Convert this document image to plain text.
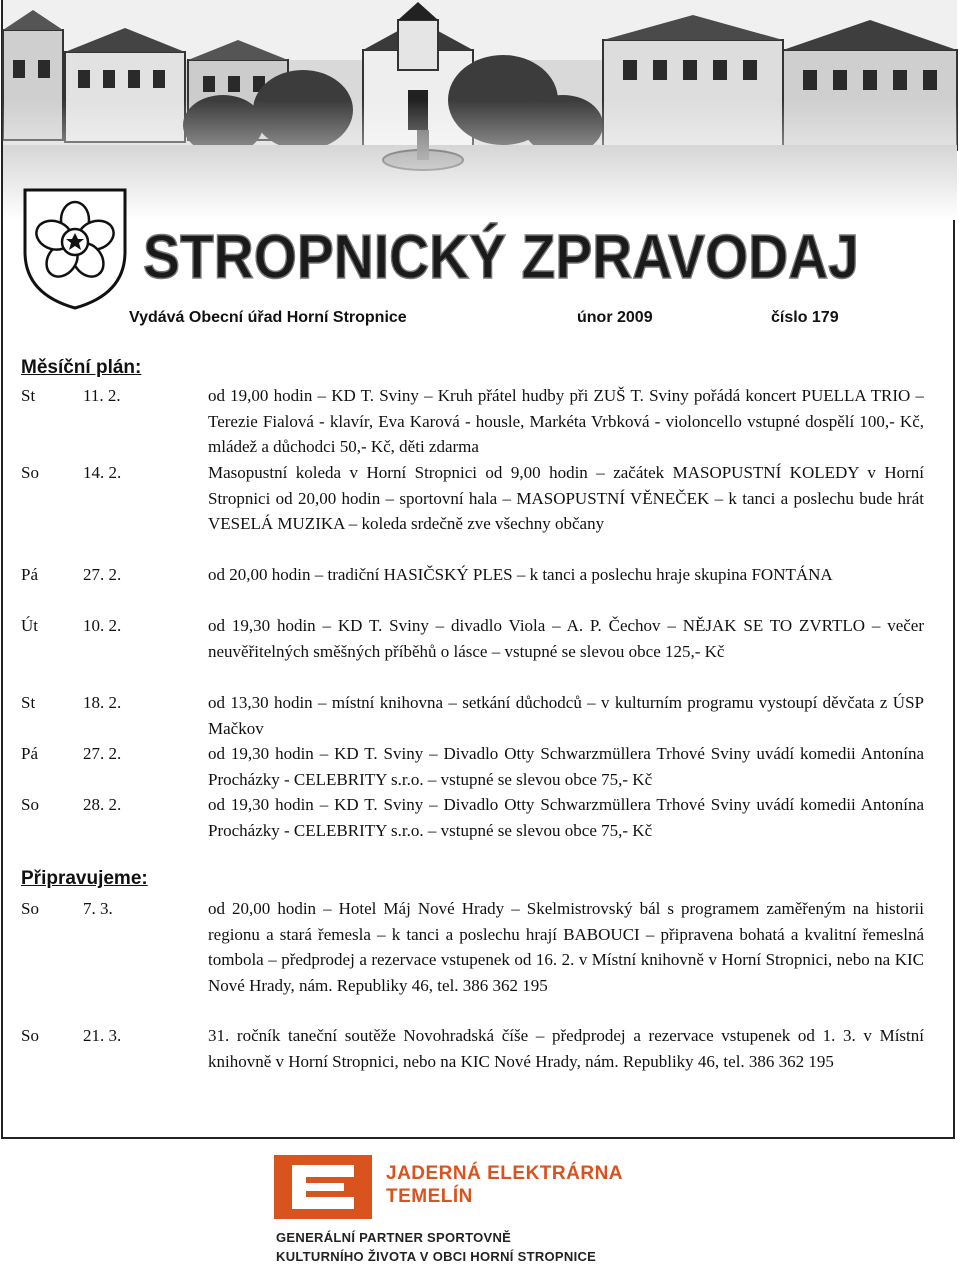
STROPNICKÝ ZPRAVODAJ
Vydává Obecní úřad Horní Stropnice	únor 2009	číslo 179
Měsíční plán:
St	11. 2.	od 19,00 hodin – KD T. Sviny – Kruh přátel hudby při ZUŠ T. Sviny pořádá koncert PUELLA TRIO – Terezie Fialová - klavír, Eva Karová - housle, Markéta Vrbková - violoncello vstupné dospělí 100,- Kč, mládež a důchodci 50,- Kč, děti zdarma
So	14. 2.	Masopustní koleda v Horní Stropnici od 9,00 hodin – začátek MASOPUSTNÍ KOLEDY v Horní Stropnici od 20,00 hodin – sportovní hala – MASOPUSTNÍ VĚNEČEK – k tanci a poslechu bude hrát VESELÁ MUZIKA – koleda srdečně zve všechny občany
Pá	27. 2.	od 20,00 hodin – tradiční HASIČSKÝ PLES – k tanci a poslechu hraje skupina FONTÁNA
Út	10. 2.	od 19,30 hodin – KD T. Sviny – divadlo Viola – A. P. Čechov – NĚJAK SE TO ZVRTLO – večer neuvěřitelných směšných příběhů o lásce – vstupné se slevou obce 125,- Kč
St	18. 2.	od 13,30 hodin – místní knihovna – setkání důchodců – v kulturním programu vystoupí děvčata z ÚSP Mačkov
Pá	27. 2.	od 19,30 hodin – KD T. Sviny – Divadlo Otty Schwarzmüllera Trhové Sviny uvádí komedii Antonína Procházky - CELEBRITY s.r.o. – vstupné se slevou obce 75,- Kč
So	28. 2.	od 19,30 hodin – KD T. Sviny – Divadlo Otty Schwarzmüllera Trhové Sviny uvádí komedii Antonína Procházky - CELEBRITY s.r.o. – vstupné se slevou obce 75,- Kč
Připravujeme:
So	7. 3.	od 20,00 hodin – Hotel Máj Nové Hrady – Skelmistrovský bál s programem zaměřeným na historii regionu a stará řemesla – k tanci a poslechu hrají BABOUCI – připravena bohatá a kvalitní řemeslná tombola – předprodej a rezervace vstupenek od 16. 2. v Místní knihovně v Horní Stropnici, nebo na KIC Nové Hrady, nám. Republiky 46, tel. 386 362 195
So	21. 3.	31. ročník taneční soutěže Novohradská číše – předprodej a rezervace vstupenek od 1. 3. v Místní knihovně v Horní Stropnici, nebo na KIC Nové Hrady, nám. Republiky 46, tel. 386 362 195
JADERNÁ ELEKTRÁRNA
TEMELÍN
GENERÁLNÍ PARTNER SPORTOVNĚ
KULTURNÍHO ŽIVOTA V OBCI HORNÍ STROPNICE
